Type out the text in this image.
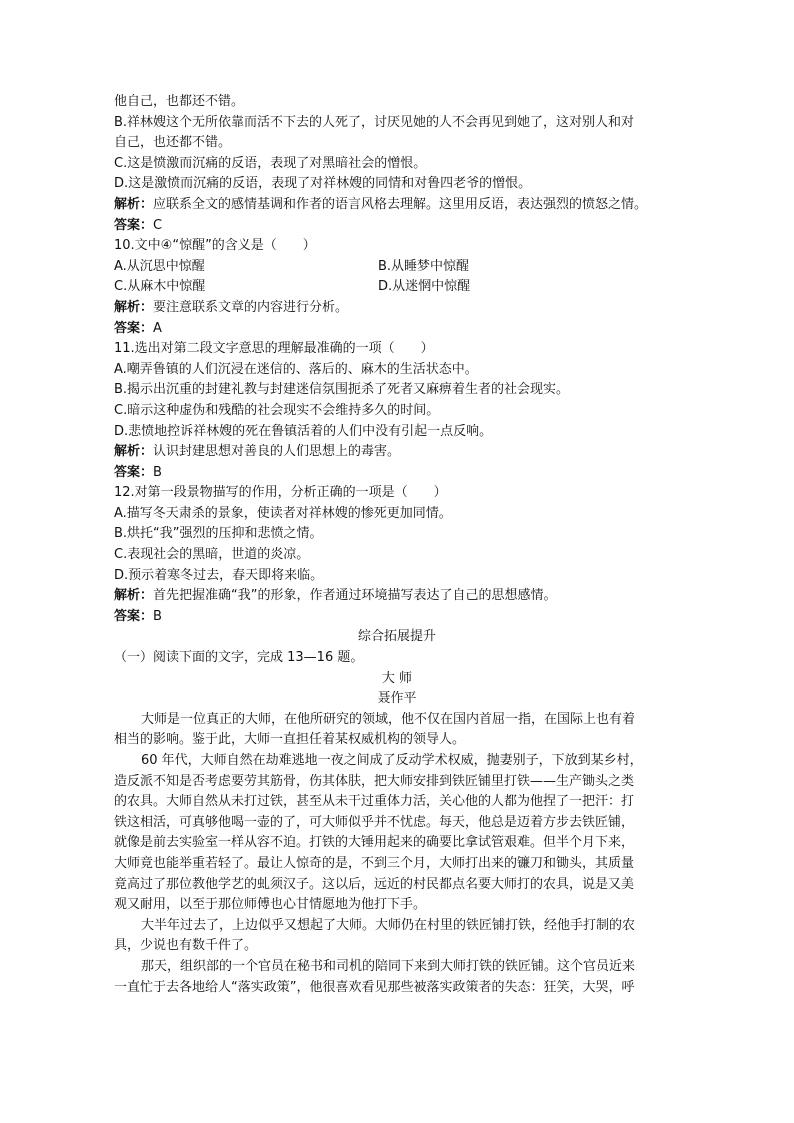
他自己，也都还不错。
B.祥林嫂这个无所依靠而活不下去的人死了，讨厌见她的人不会再见到她了，这对别人和对
自己，也还都不错。
C.这是愤激而沉痛的反语，表现了对黑暗社会的憎恨。
D.这是激愤而沉痛的反语，表现了对祥林嫂的同情和对鲁四老爷的憎恨。
解析：应联系全文的感情基调和作者的语言风格去理解。这里用反语，表达强烈的愤怒之情。
答案：C
10.文中④“惊醒”的含义是（　　）
A.从沉思中惊醒	B.从睡梦中惊醒
C.从麻木中惊醒	D.从迷惘中惊醒
解析：要注意联系文章的内容进行分析。
答案：A
11.选出对第二段文字意思的理解最准确的一项（　　）
A.嘲弄鲁镇的人们沉浸在迷信的、落后的、麻木的生活状态中。
B.揭示出沉重的封建礼教与封建迷信氛围扼杀了死者又麻痹着生者的社会现实。
C.暗示这种虚伪和残酷的社会现实不会维持多久的时间。
D.悲愤地控诉祥林嫂的死在鲁镇活着的人们中没有引起一点反响。
解析：认识封建思想对善良的人们思想上的毒害。
答案：B
12.对第一段景物描写的作用，分析正确的一项是（　　）
A.描写冬天肃杀的景象，使读者对祥林嫂的惨死更加同情。
B.烘托“我”强烈的压抑和悲愤之情。
C.表现社会的黑暗，世道的炎凉。
D.预示着寒冬过去，春天即将来临。
解析：首先把握准确“我”的形象，作者通过环境描写表达了自己的思想感情。
答案：B
综合拓展提升
（一）阅读下面的文字，完成 13—16 题。
大 师
聂作平
大师是一位真正的大师，在他所研究的领域，他不仅在国内首屈一指，在国际上也有着
相当的影响。鉴于此，大师一直担任着某权威机构的领导人。
60 年代，大师自然在劫难逃地一夜之间成了反动学术权威，抛妻别子，下放到某乡村，
造反派不知是否考虑要劳其筋骨，伤其体肤，把大师安排到铁匠铺里打铁——生产锄头之类
的农具。大师自然从未打过铁，甚至从未干过重体力活，关心他的人都为他捏了一把汗：打
铁这相活，可真够他喝一壶的了，可大师似乎并不忧虑。每天，他总是迈着方步去铁匠铺，
就像是前去实验室一样从容不迫。打铁的大锤用起来的确要比拿试管艰难。但半个月下来，
大师竟也能举重若轻了。最让人惊奇的是，不到三个月，大师打出来的镰刀和锄头，其质量
竟高过了那位教他学艺的虬须汉子。这以后，远近的村民都点名要大师打的农具，说是又美
观又耐用，以至于那位师傅也心甘情愿地为他打下手。
大半年过去了，上边似乎又想起了大师。大师仍在村里的铁匠铺打铁，经他手打制的农
具，少说也有数千件了。
那天，组织部的一个官员在秘书和司机的陪同下来到大师打铁的铁匠铺。这个官员近来
一直忙于去各地给人“落实政策”，他很喜欢看见那些被落实政策者的失态：狂笑，大哭，呼
